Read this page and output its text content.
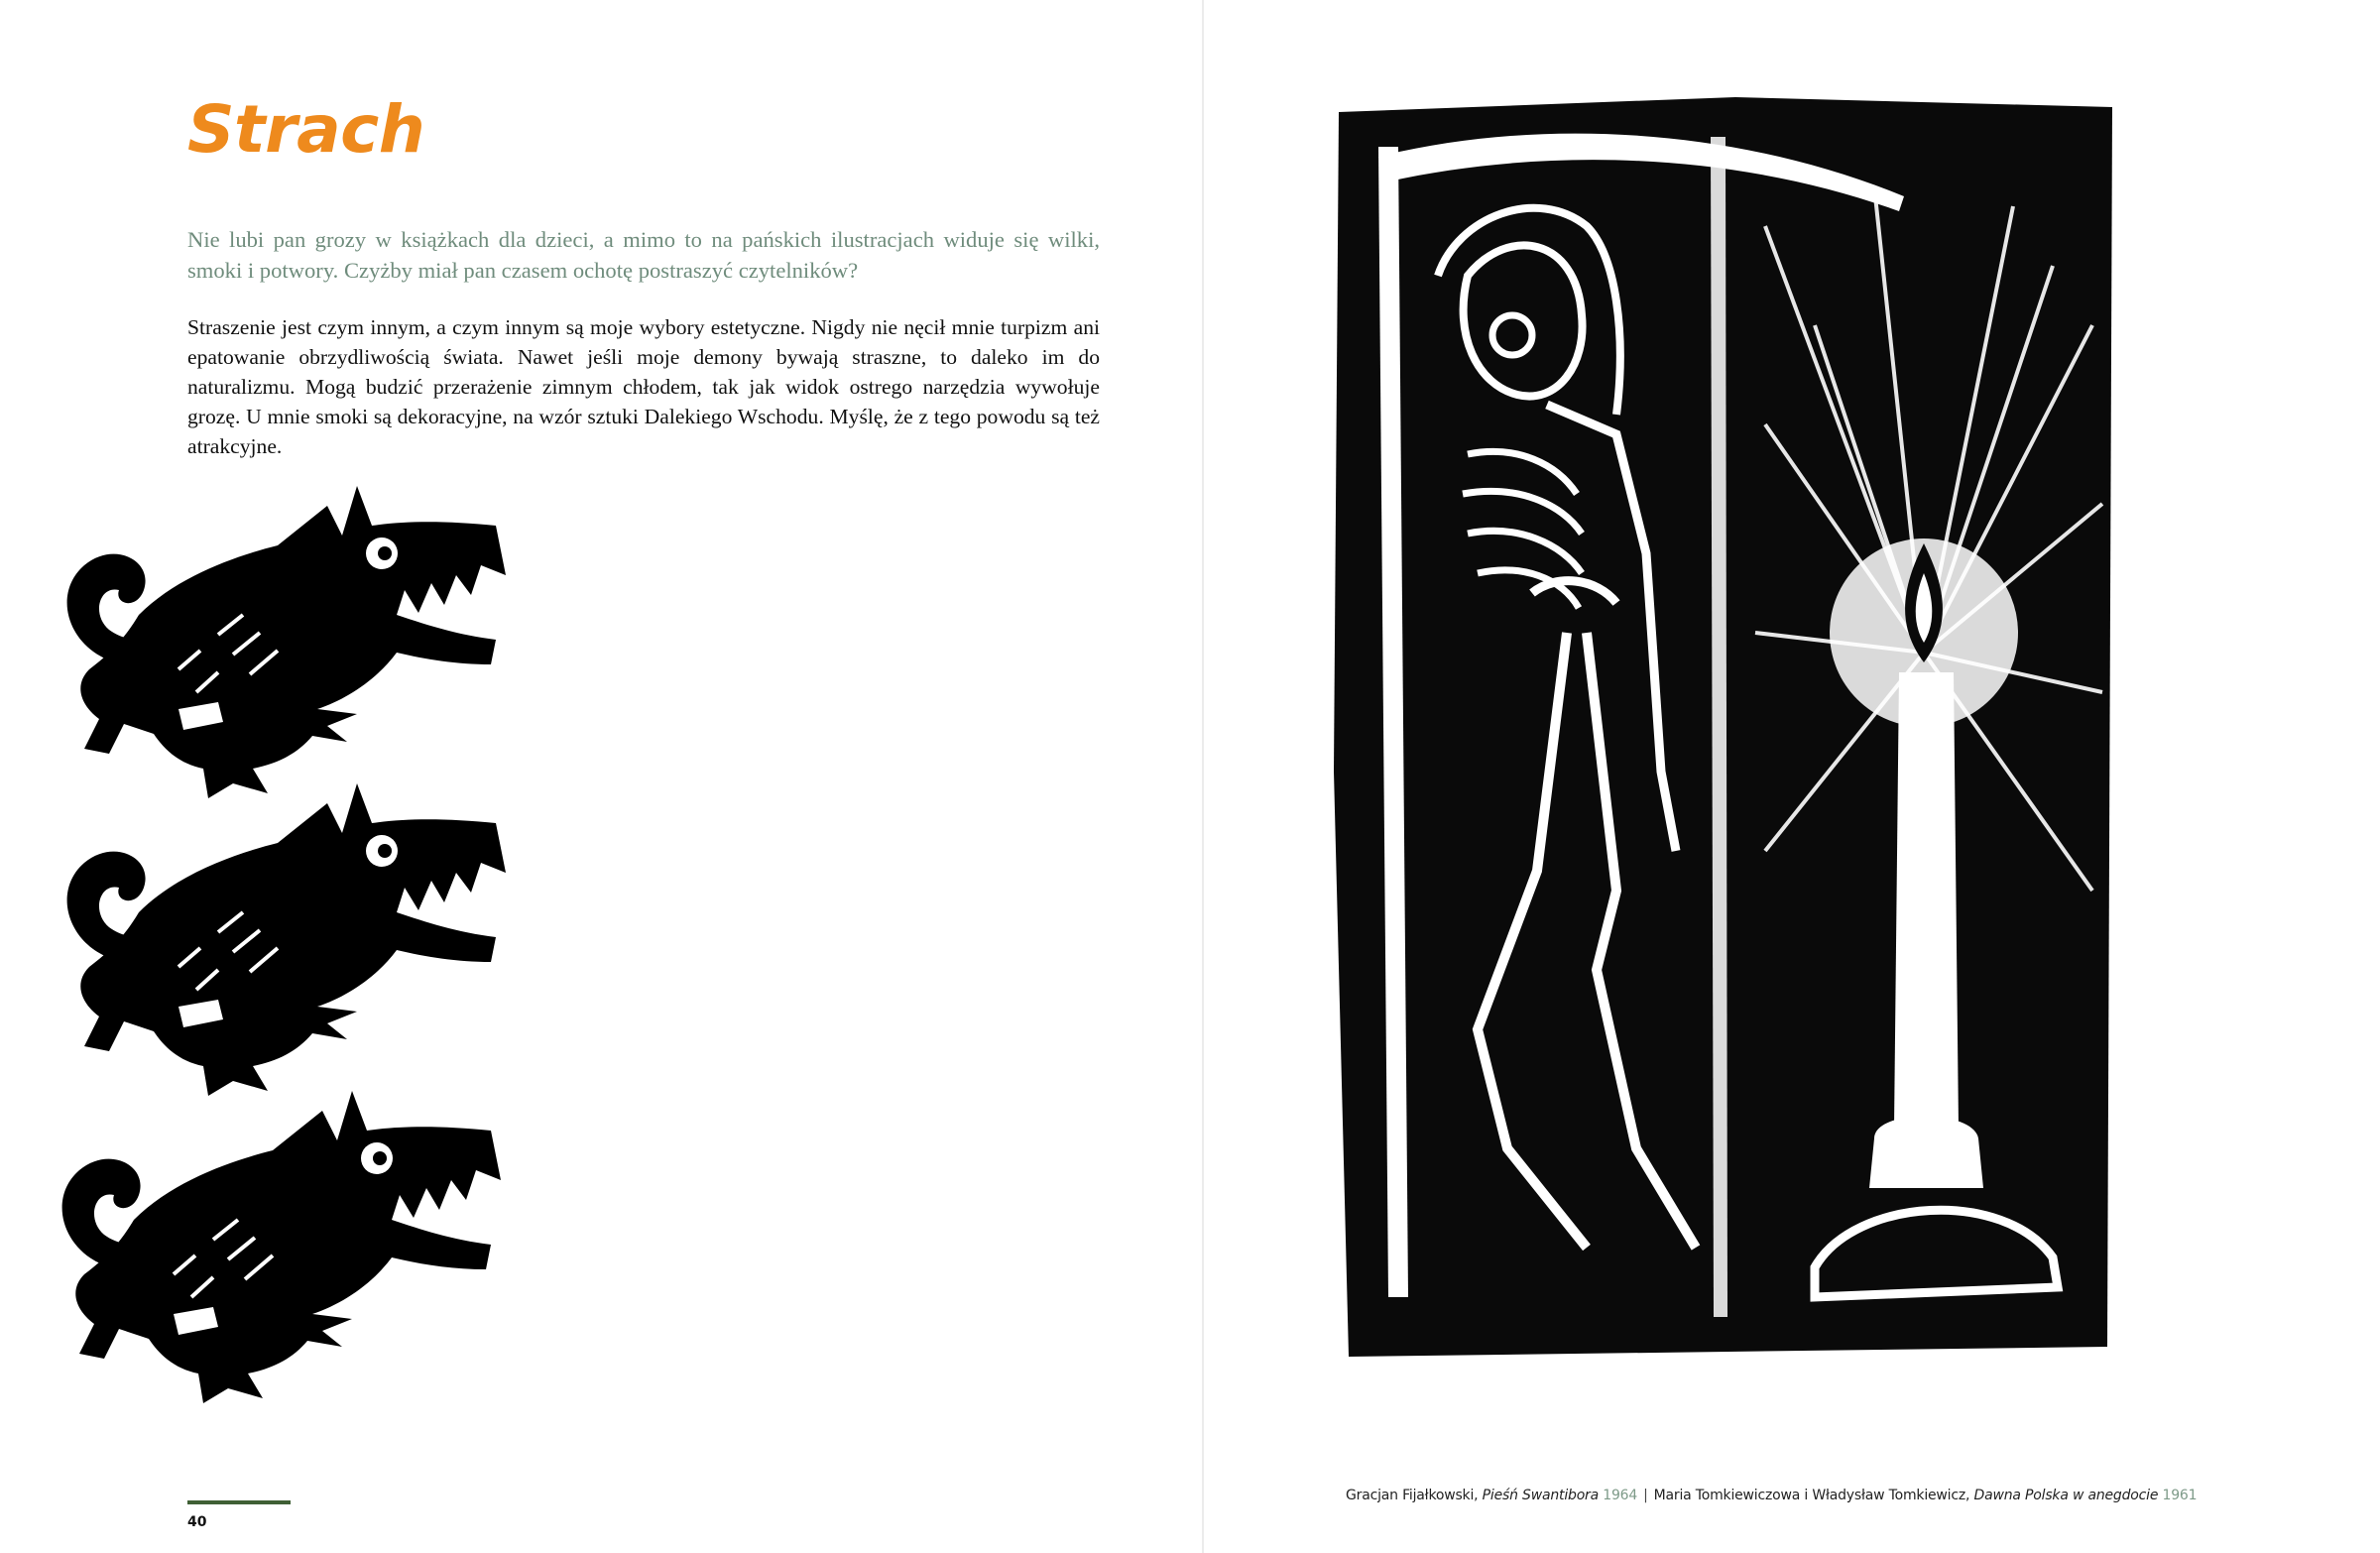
Strach

Nie lubi pan grozy w książkach dla dzieci, a mimo to na pańskich ilustracjach widuje się wilki, smoki i potwory. Czyżby miał pan czasem ochotę postraszyć czytelników?

Straszenie jest czym innym, a czym innym są moje wybory estetyczne. Nigdy nie nęcił mnie turpizm ani epatowanie obrzydliwością świata. Nawet jeśli moje demony bywają straszne, to daleko im do naturalizmu. Mogą budzić przerażenie zimnym chłodem, tak jak widok ostrego narzędzia wywołuje grozę. U mnie smoki są dekoracyjne, na wzór sztuki Dalekiego Wschodu. Myślę, że z tego powodu są też atrakcyjne.

40
Gracjan Fijałkowski, Pieśń Swantibora 1964 | Maria Tomkiewiczowa i Władysław Tomkiewicz, Dawna Polska w anegdocie 1961
